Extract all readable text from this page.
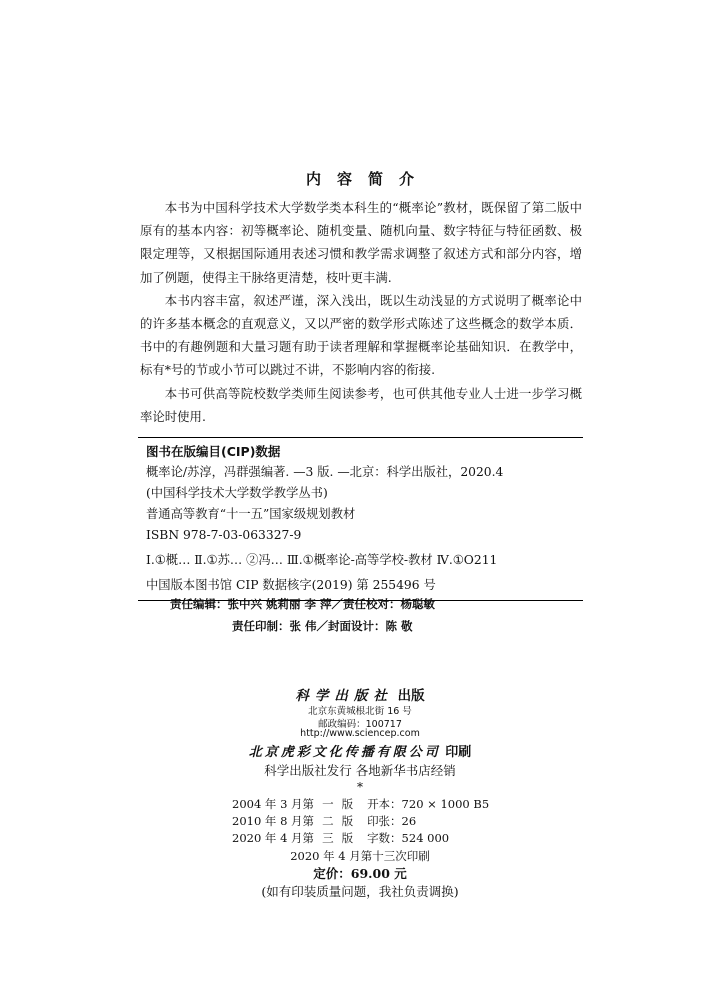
内容简介

本书为中国科学技术大学数学类本科生的“概率论”教材，既保留了第二版中原有的基本内容：初等概率论、随机变量、随机向量、数字特征与特征函数、极限定理等，又根据国际通用表述习惯和教学需求调整了叙述方式和部分内容，增加了例题，使得主干脉络更清楚，枝叶更丰满.

本书内容丰富，叙述严谨，深入浅出，既以生动浅显的方式说明了概率论中的许多基本概念的直观意义，又以严密的数学形式陈述了这些概念的数学本质．书中的有趣例题和大量习题有助于读者理解和掌握概率论基础知识．在教学中，标有*号的节或小节可以跳过不讲，不影响内容的衔接.

本书可供高等院校数学类师生阅读参考，也可供其他专业人士进一步学习概率论时使用.

图书在版编目(CIP)数据
概率论/苏淳，冯群强编著. —3 版. —北京：科学出版社，2020.4
(中国科学技术大学数学教学丛书)
普通高等教育“十一五”国家级规划教材
ISBN 978-7-03-063327-9
Ⅰ.①概… Ⅱ.①苏… ②冯… Ⅲ.①概率论-高等学校-教材 Ⅳ.①O211
中国版本图书馆 CIP 数据核字(2019) 第 255496 号
责任编辑：张中兴 姚莉丽 李 萍／责任校对：杨聪敏
责任印制：张 伟／封面设计：陈 敬
科学出版社 出版
北京东黄城根北街 16 号
邮政编码：100717
http://www.sciencep.com
北京虎彩文化传播有限公司 印刷
科学出版社发行 各地新华书店经销
*
2004 年 3 月第	一	版		开本：720 × 1000 B5
2010 年 8 月第	二	版		印张：26
2020 年 4 月第	三	版		字数：524 000
2020 年 4 月第十三次印刷
定价：69.00 元
(如有印装质量问题，我社负责调换)
